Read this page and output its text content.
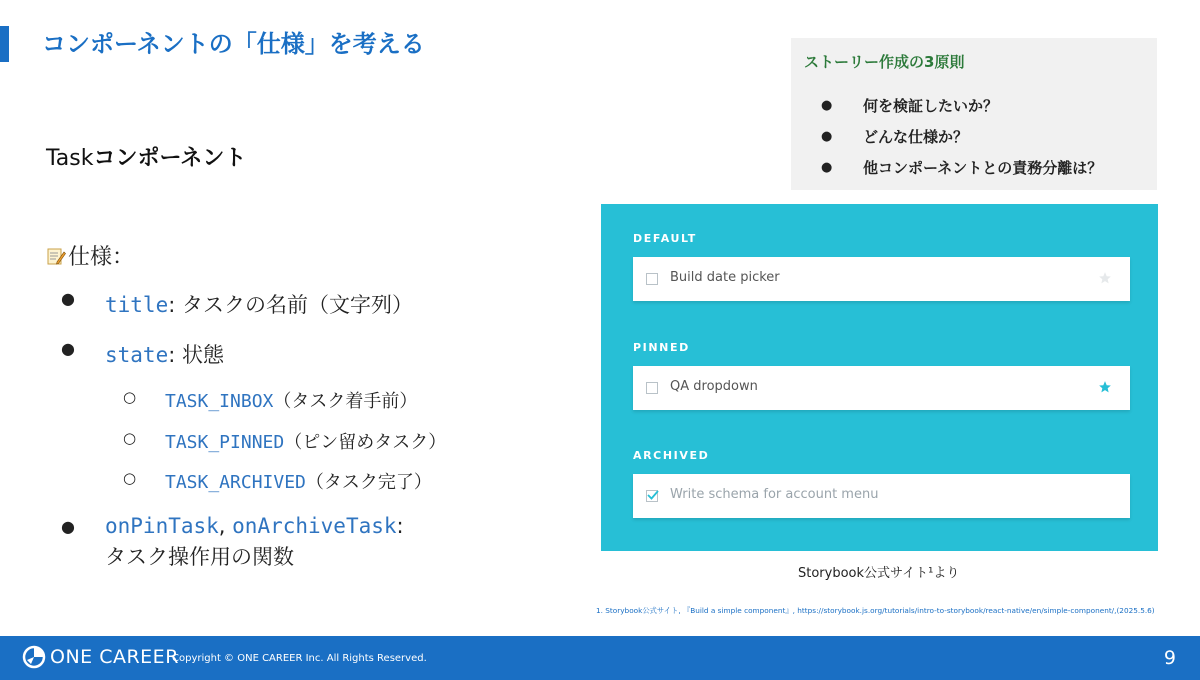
コンポーネントの「仕様」を考える
ストーリー作成の3原則
● 何を検証したいか？
● どんな仕様か？
● 他コンポーネントとの責務分離は？
Taskコンポーネント
仕様：
● title: タスクの名前（文字列）
● state: 状態
○ TASK_INBOX（タスク着手前）
○ TASK_PINNED（ピン留めタスク）
○ TASK_ARCHIVED（タスク完了）
● onPinTask, onArchiveTask:
タスク操作用の関数
DEFAULT
Build date picker
PINNED
QA dropdown
ARCHIVED
Write schema for account menu
Storybook公式サイト¹より
1. Storybook公式サイト, 『Build a simple component』, https://storybook.js.org/tutorials/intro-to-storybook/react-native/en/simple-component/,(2025.5.6)
ONE CAREER
Copyright © ONE CAREER Inc. All Rights Reserved.	9
